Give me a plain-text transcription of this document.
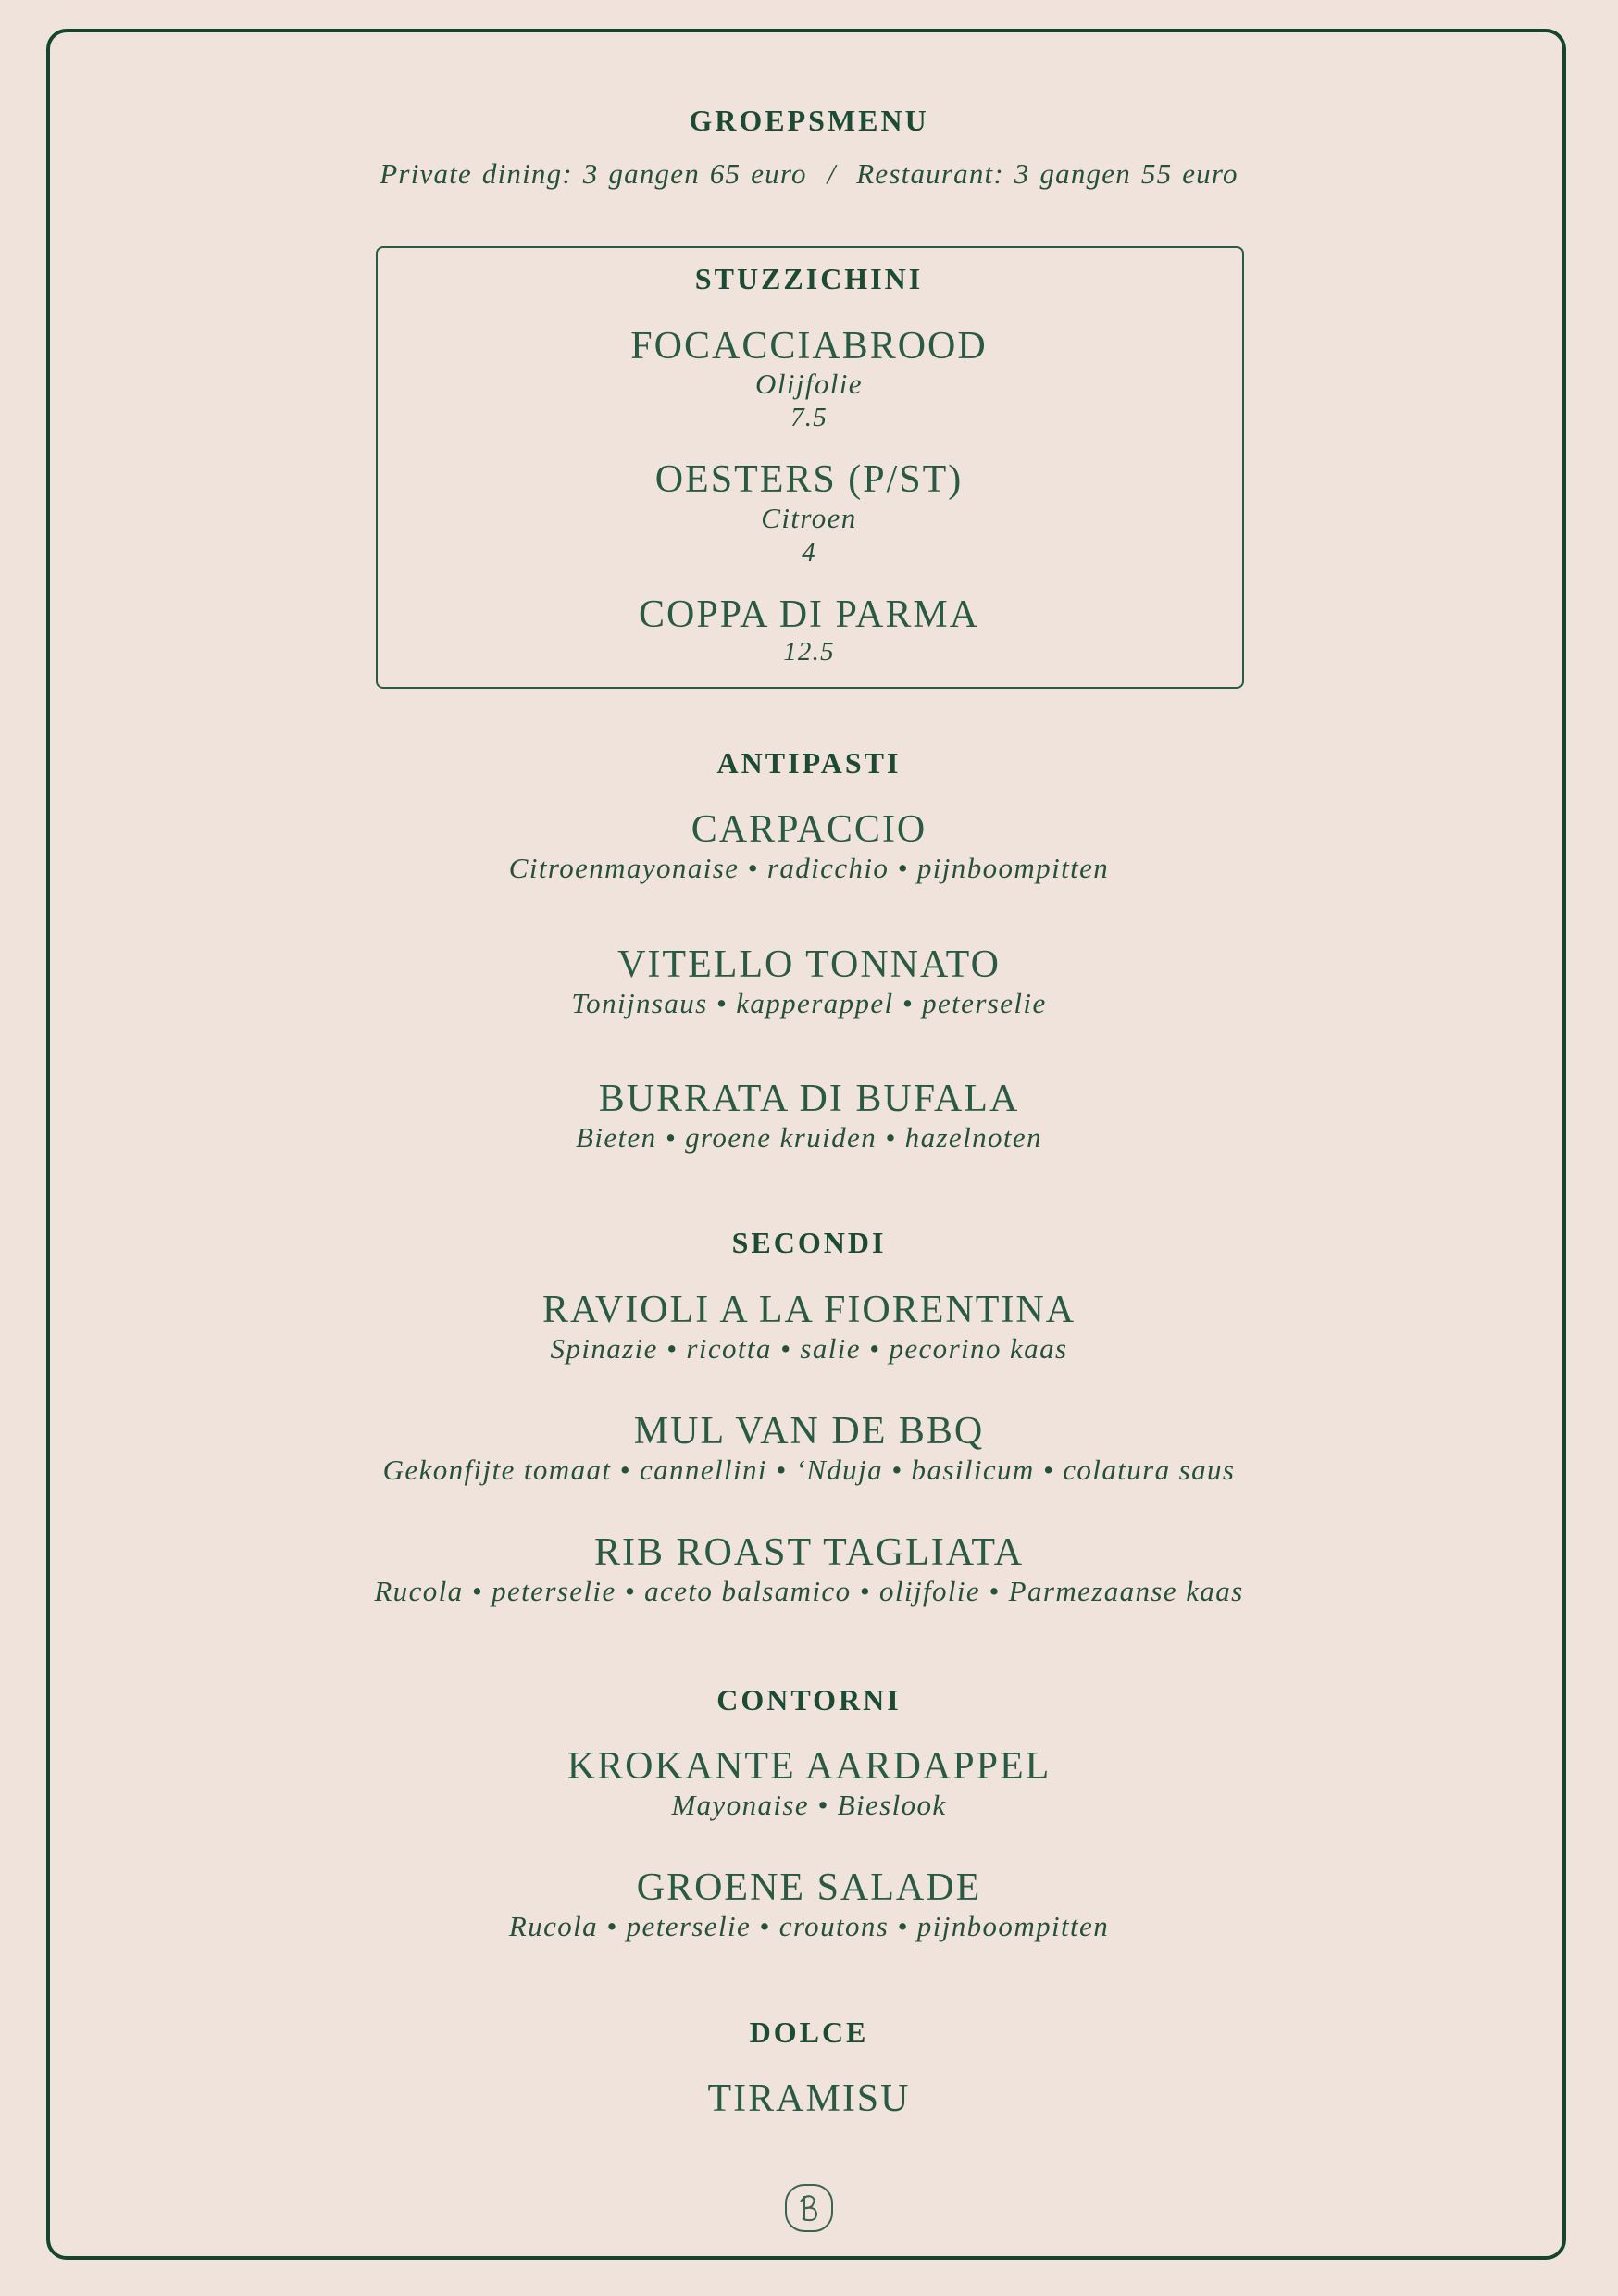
GROEPSMENU
Private dining: 3 gangen 65 euro  /  Restaurant: 3 gangen 55 euro
STUZZICHINI
FOCACCIABROOD
Olijfolie
7.5
OESTERS (P/ST)
Citroen
4
COPPA DI PARMA
12.5
ANTIPASTI
CARPACCIO
Citroenmayonaise • radicchio • pijnboompitten
VITELLO TONNATO
Tonijnsaus • kapperappel • peterselie
BURRATA DI BUFALA
Bieten • groene kruiden • hazelnoten
SECONDI
RAVIOLI A LA FIORENTINA
Spinazie • ricotta • salie • pecorino kaas
MUL VAN DE BBQ
Gekonfijte tomaat • cannellini • ‘Nduja • basilicum • colatura saus
RIB ROAST TAGLIATA
Rucola • peterselie • aceto balsamico • olijfolie • Parmezaanse kaas
CONTORNI
KROKANTE AARDAPPEL
Mayonaise • Bieslook
GROENE SALADE
Rucola • peterselie • croutons • pijnboompitten
DOLCE
TIRAMISU
